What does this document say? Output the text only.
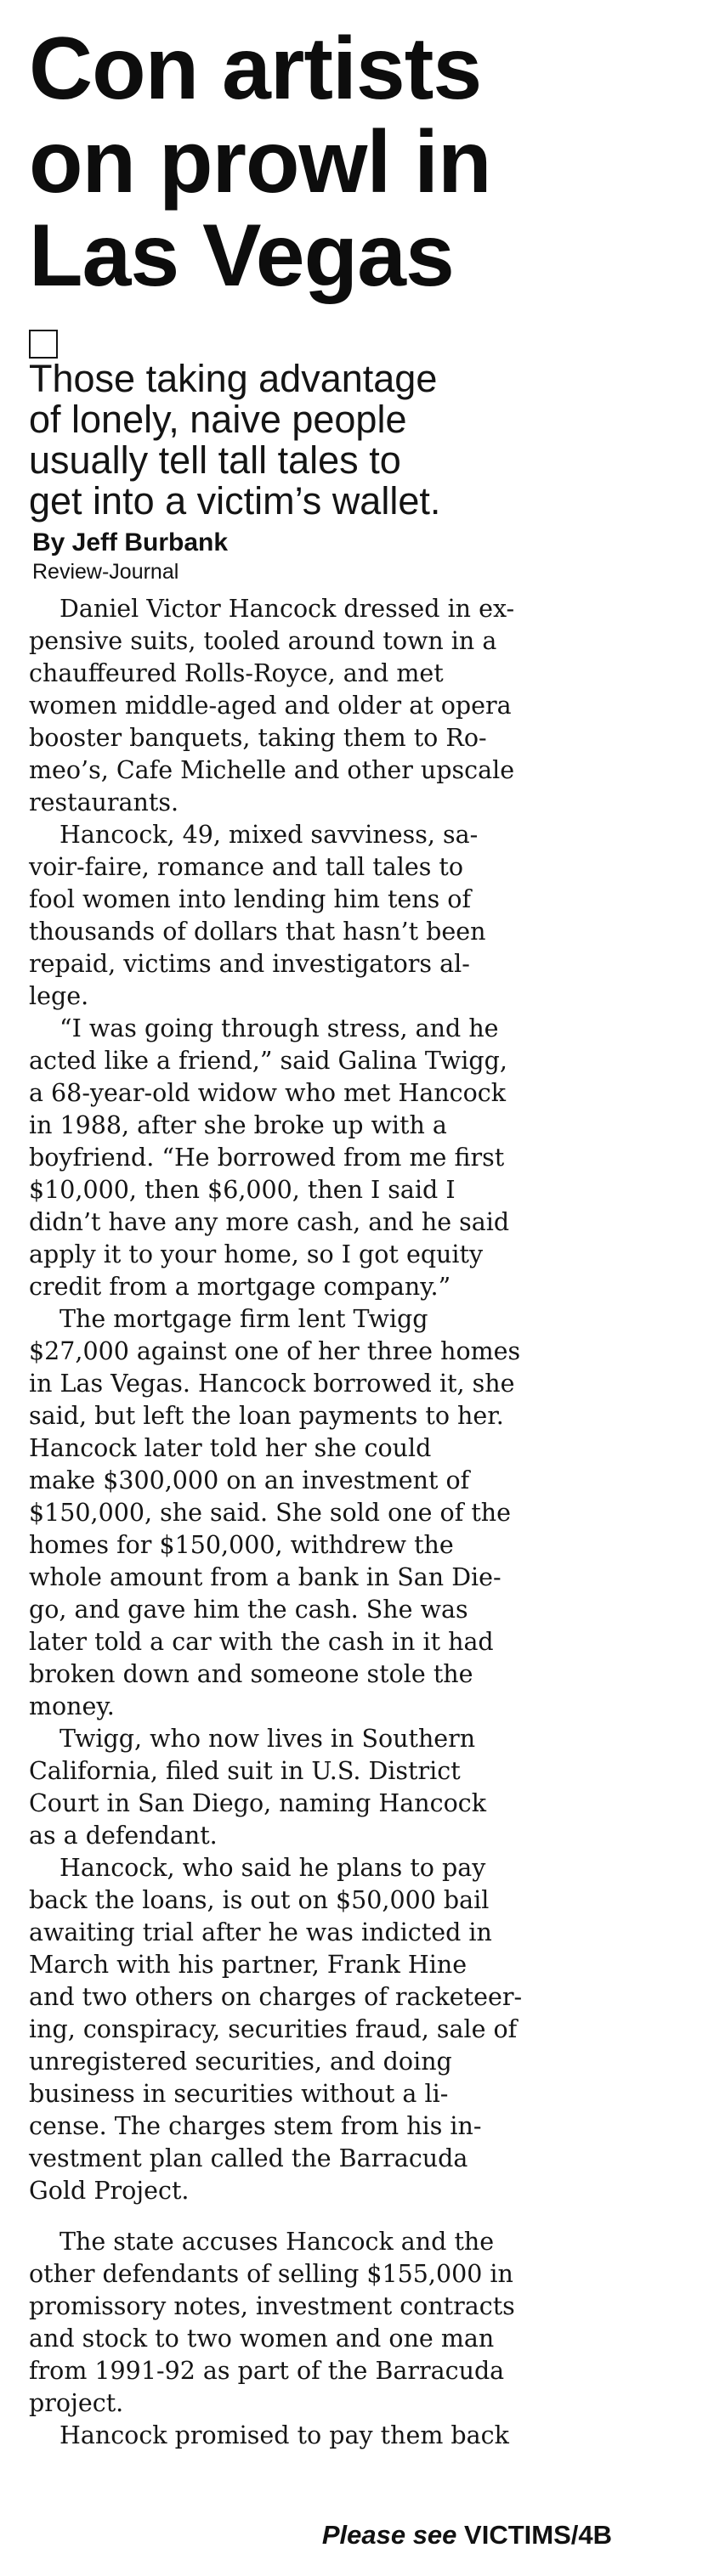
Con artists
on prowl in
Las Vegas
Those taking advantage
of lonely, naive people
usually tell tall tales to
get into a victim’s wallet.

By Jeff Burbank

Review-Journal

Daniel Victor Hancock dressed in ex-
pensive suits, tooled around town in a
chauffeured Rolls-Royce, and met
women middle-aged and older at opera
booster banquets, taking them to Ro-
meo’s, Cafe Michelle and other upscale
restaurants.

Hancock, 49, mixed savviness, sa-
voir-faire, romance and tall tales to
fool women into lending him tens of
thousands of dollars that hasn’t been
repaid, victims and investigators al-
lege.

“I was going through stress, and he
acted like a friend,” said Galina Twigg,
a 68-year-old widow who met Hancock
in 1988, after she broke up with a
boyfriend. “He borrowed from me first
$10,000, then $6,000, then I said I
didn’t have any more cash, and he said
apply it to your home, so I got equity
credit from a mortgage company.”

The mortgage firm lent Twigg
$27,000 against one of her three homes
in Las Vegas. Hancock borrowed it, she
said, but left the loan payments to her.
Hancock later told her she could
make $300,000 on an investment of
$150,000, she said. She sold one of the
homes for $150,000, withdrew the
whole amount from a bank in San Die-
go, and gave him the cash. She was
later told a car with the cash in it had
broken down and someone stole the
money.

Twigg, who now lives in Southern
California, filed suit in U.S. District
Court in San Diego, naming Hancock
as a defendant.

Hancock, who said he plans to pay
back the loans, is out on $50,000 bail
awaiting trial after he was indicted in
March with his partner, Frank Hine
and two others on charges of racketeer-
ing, conspiracy, securities fraud, sale of
unregistered securities, and doing
business in securities without a li-
cense. The charges stem from his in-
vestment plan called the Barracuda
Gold Project.

The state accuses Hancock and the
other defendants of selling $155,000 in
promissory notes, investment contracts
and stock to two women and one man
from 1991-92 as part of the Barracuda
project.

Hancock promised to pay them back

Please see VICTIMS/4B
